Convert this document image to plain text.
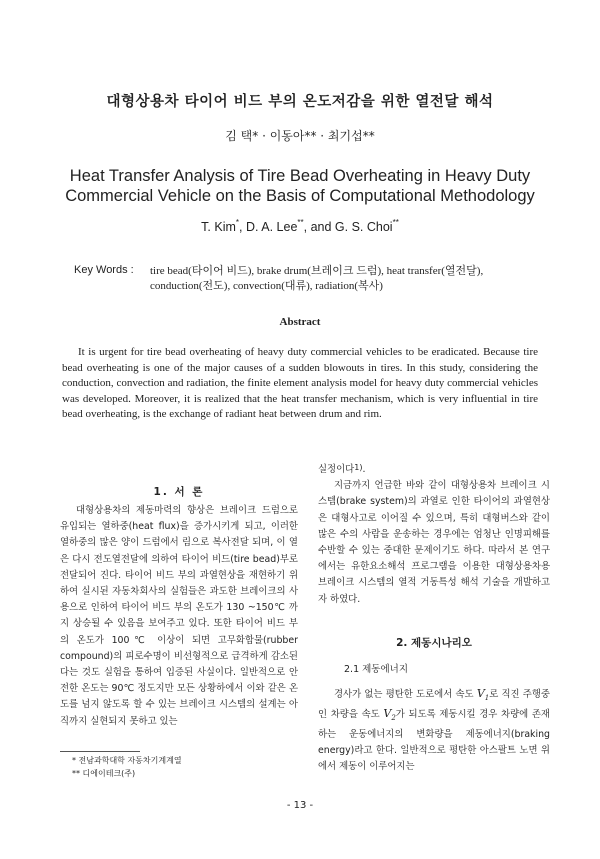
대형상용차 타이어 비드 부의 온도저감을 위한 열전달 해석
김 택* · 이동아** · 최기섭**
Heat Transfer Analysis of Tire Bead Overheating in Heavy Duty
Commercial Vehicle on the Basis of Computational Methodology
T. Kim*, D. A. Lee**, and G. S. Choi**
Key Words : tire bead(타이어 비드), brake drum(브레이크 드럼), heat transfer(열전달),
conduction(전도), convection(대류), radiation(복사)
Abstract
It is urgent for tire bead overheating of heavy duty commercial vehicles to be eradicated. Because tire bead overheating is one of the major causes of a sudden blowouts in tires. In this study, considering the conduction, convection and radiation, the finite element analysis model for heavy duty commercial vehicles was developed. Moreover, it is realized that the heat transfer mechanism, which is very influential in tire bead overheating, is the exchange of radiant heat between drum and rim.
1. 서 론

대형상용차의 제동마력의 향상은 브레이크 드럼으로 유입되는 열하중(heat flux)을 증가시키게 되고, 이러한 열하중의 많은 양이 드럼에서 림으로 복사전달 되며, 이 열은 다시 전도열전달에 의하여 타이어 비드(tire bead)부로 전달되어 진다. 타이어 비드 부의 과열현상을 재현하기 위하여 실시된 자동차회사의 실험들은 과도한 브레이크의 사용으로 인하여 타이어 비드 부의 온도가 130 ~150℃ 까지 상승될 수 있음을 보여주고 있다. 또한 타이어 비드 부의 온도가 100℃ 이상이 되면 고무화합물(rubber compound)의 피로수명이 비선형적으로 급격하게 감소된다는 것도 실험을 통하여 입증된 사실이다. 일반적으로 안전한 온도는 90℃ 정도지만 모든 상황하에서 이와 같은 온도를 넘지 않도록 할 수 있는 브레이크 시스템의 설계는 아직까지 실현되지 못하고 있는

실정이다$^{1)}$.

지금까지 언급한 바와 같이 대형상용차 브레이크 시스템(brake system)의 과열로 인한 타이어의 과열현상은 대형사고로 이어질 수 있으며, 특히 대형버스와 같이 많은 수의 사람을 운송하는 경우에는 엄청난 인명피해를 수반할 수 있는 중대한 문제이기도 하다. 따라서 본 연구에서는 유한요소해석 프로그램을 이용한 대형상용차용 브레이크 시스템의 열적 거동특성 해석 기술을 개발하고자 하였다.

2. 제동시나리오
2.1 제동에너지

경사가 없는 평탄한 도로에서 속도 $V_1$로 직진 주행중인 차량을 속도 $V_2$가 되도록 제동시킬 경우 차량에 존재하는 운동에너지의 변화량을 제동에너지(braking energy)라고 한다. 일반적으로 평탄한 아스팔트 노면 위에서 제동이 이루어지는

* 전남과학대학 자동차기계계열
** 디에이테크(주)
- 13 -
